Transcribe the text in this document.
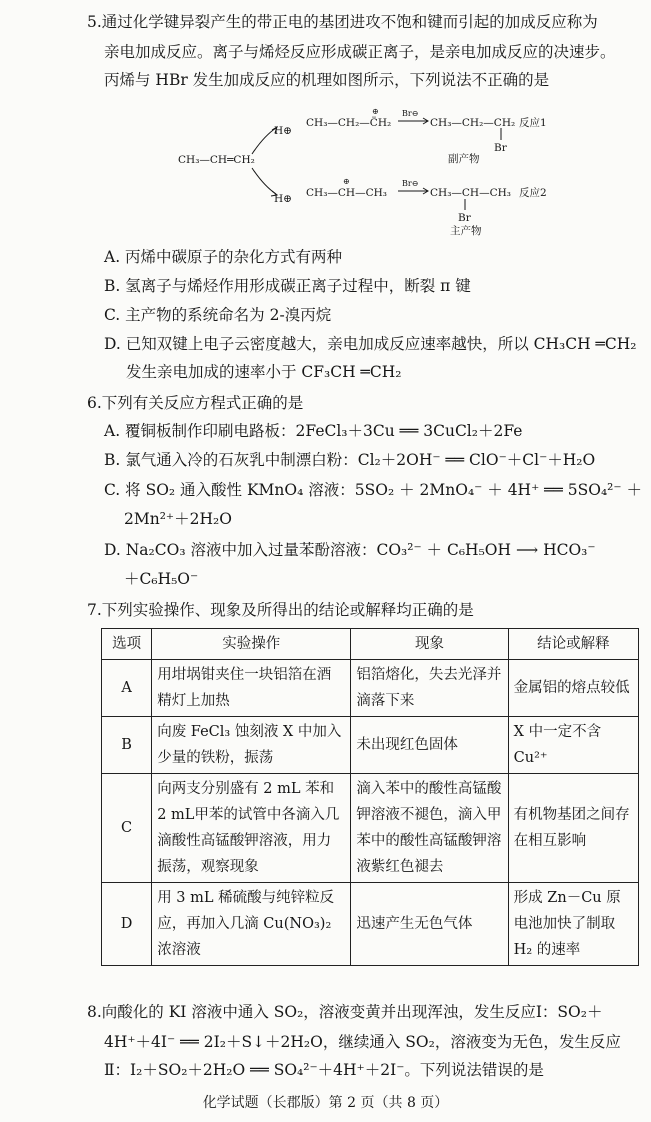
5.通过化学键异裂产生的带正电的基团进攻不饱和键而引起的加成反应称为
亲电加成反应。离子与烯烃反应形成碳正离子，是亲电加成反应的决速步。
丙烯与 HBr 发生加成反应的机理如图所示，下列说法不正确的是
CH₃—CH═CH₂
H⊕
H⊕
CH₃—CH₂—C̈H₂
⊕	Br⊖
CH₃—CH₂—CH₂
Br
反应1
副产物
CH₃—CH—CH₃
⊕	Br⊖
CH₃—CH—CH₃
Br
反应2
主产物
A. 丙烯中碳原子的杂化方式有两种
B. 氢离子与烯烃作用形成碳正离子过程中，断裂 π 键
C. 主产物的系统命名为 2-溴丙烷
D. 已知双键上电子云密度越大，亲电加成反应速率越快，所以 CH₃CH ═CH₂
发生亲电加成的速率小于 CF₃CH ═CH₂
6.下列有关反应方程式正确的是
A. 覆铜板制作印刷电路板：2FeCl₃＋3Cu ══ 3CuCl₂＋2Fe
B. 氯气通入冷的石灰乳中制漂白粉：Cl₂＋2OH⁻ ══ ClO⁻＋Cl⁻＋H₂O
C. 将 SO₂ 通入酸性 KMnO₄ 溶液：5SO₂ ＋ 2MnO₄⁻ ＋ 4H⁺ ══ 5SO₄²⁻ ＋
2Mn²⁺＋2H₂O
D. Na₂CO₃ 溶液中加入过量苯酚溶液：CO₃²⁻ ＋ C₆H₅OH ⟶ HCO₃⁻
＋C₆H₅O⁻
7.下列实验操作、现象及所得出的结论或解释均正确的是
选项	实验操作	现象	结论或解释
A	用坩埚钳夹住一块铝箔在酒精灯上加热	铝箔熔化，失去光泽并滴落下来	金属铝的熔点较低
B	向废 FeCl₃ 蚀刻液 X 中加入少量的铁粉，振荡	未出现红色固体	X 中一定不含 Cu²⁺
C	向两支分别盛有 2 mL 苯和 2 mL甲苯的试管中各滴入几滴酸性高锰酸钾溶液，用力振荡，观察现象	滴入苯中的酸性高锰酸钾溶液不褪色，滴入甲苯中的酸性高锰酸钾溶液紫红色褪去	有机物基团之间存在相互影响
D	用 3 mL 稀硫酸与纯锌粒反应，再加入几滴 Cu(NO₃)₂ 浓溶液	迅速产生无色气体	形成 Zn－Cu 原电池加快了制取 H₂ 的速率
8.向酸化的 KI 溶液中通入 SO₂，溶液变黄并出现浑浊，发生反应Ⅰ：SO₂＋
4H⁺＋4I⁻ ══ 2I₂＋S↓＋2H₂O，继续通入 SO₂，溶液变为无色，发生反应
Ⅱ：I₂＋SO₂＋2H₂O ══ SO₄²⁻＋4H⁺＋2I⁻。下列说法错误的是
化学试题（长郡版）第 2 页（共 8 页）
